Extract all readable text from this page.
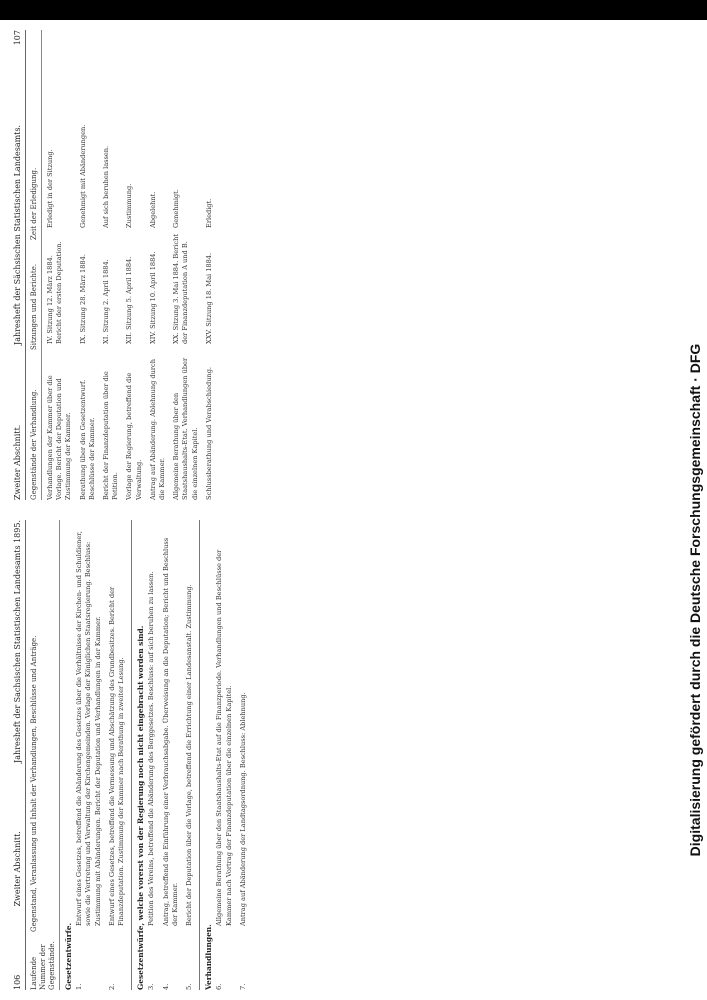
106
Zweiter Abschnitt.
Jahresheft der Sachsischen Statistischen Landesamts 1895.
Laufende Nummer der Gegenstände.
Gegenstand, Veranlassung und Inhalt der Verhandlungen, Beschlüsse und Anträge.
Gesetzentwürfe. 1.
Entwurf eines Gesetzes, betreffend die Abänderung des Gesetzes über die Verhältnisse der Kirchen- und Schuldiener, sowie die Vertretung und Verwaltung der Kirchengemeinden. Vorlage der Königlichen Staatsregierung. Beschluss: Zustimmung mit Abänderungen. Bericht der Deputation und Verhandlungen in der Kammer.
2.
Entwurf eines Gesetzes, betreffend die Vermessung und Abschätzung des Grundbesitzes. Bericht der Finanzdeputation. Zustimmung der Kammer nach Berathung in zweiter Lesung. Gesetzentwürfe, welche vorerst von der Regierung noch nicht eingebracht worden sind. 3.
Petition des Vereins, betreffend die Abänderung des Berggesetzes. Beschluss: auf sich beruhen zu lassen.
4.
Antrag, betreffend die Einführung einer Verbrauchsabgabe. Überweisung an die Deputation; Bericht und Beschluss der Kammer.
5.
Bericht der Deputation über die Vorlage, betreffend die Errichtung einer Landesanstalt. Zustimmung.
Verhandlungen. 6.
Allgemeine Berathung über den Staatshaushalts-Etat auf die Finanzperiode. Verhandlungen und Beschlüsse der Kammer nach Vortrag der Finanzdeputation über die einzelnen Kapitel.
7.
Antrag auf Abänderung der Landtagsordnung. Beschluss: Ablehnung.
Zweiter Abschnitt.
Jahresheft der Sächsischen Statistischen Landesamts.
107
Gegenstände der Verhandlung.
Sitzungen und Berichte.
Zeit der Erledigung.
Verhandlungen der Kammer über die Vorlage. Bericht der Deputation und Zustimmung der Kammer.
IV. Sitzung 12. März 1884. Bericht der ersten Deputation.
Erledigt in der Sitzung.
Berathung über den Gesetzentwurf. Beschlüsse der Kammer.
IX. Sitzung 28. März 1884.
Genehmigt mit Abänderungen.
Bericht der Finanzdeputation über die Petition.
XI. Sitzung 2. April 1884.
Auf sich beruhen lassen.
Vorlage der Regierung, betreffend die Verwaltung.
XII. Sitzung 5. April 1884.
Zustimmung.
Antrag auf Abänderung. Ablehnung durch die Kammer.
XIV. Sitzung 10. April 1884.
Abgelehnt.
Allgemeine Berathung über den Staatshaushalts-Etat. Verhandlungen über die einzelnen Kapitel.
XX. Sitzung 3. Mai 1884. Bericht der Finanzdeputation A und B.
Genehmigt.
Schlussberathung und Verabschiedung.
XXV. Sitzung 18. Mai 1884.
Erledigt.
Digitalisierung gefördert durch die Deutsche Forschungsgemeinschaft · DFG
